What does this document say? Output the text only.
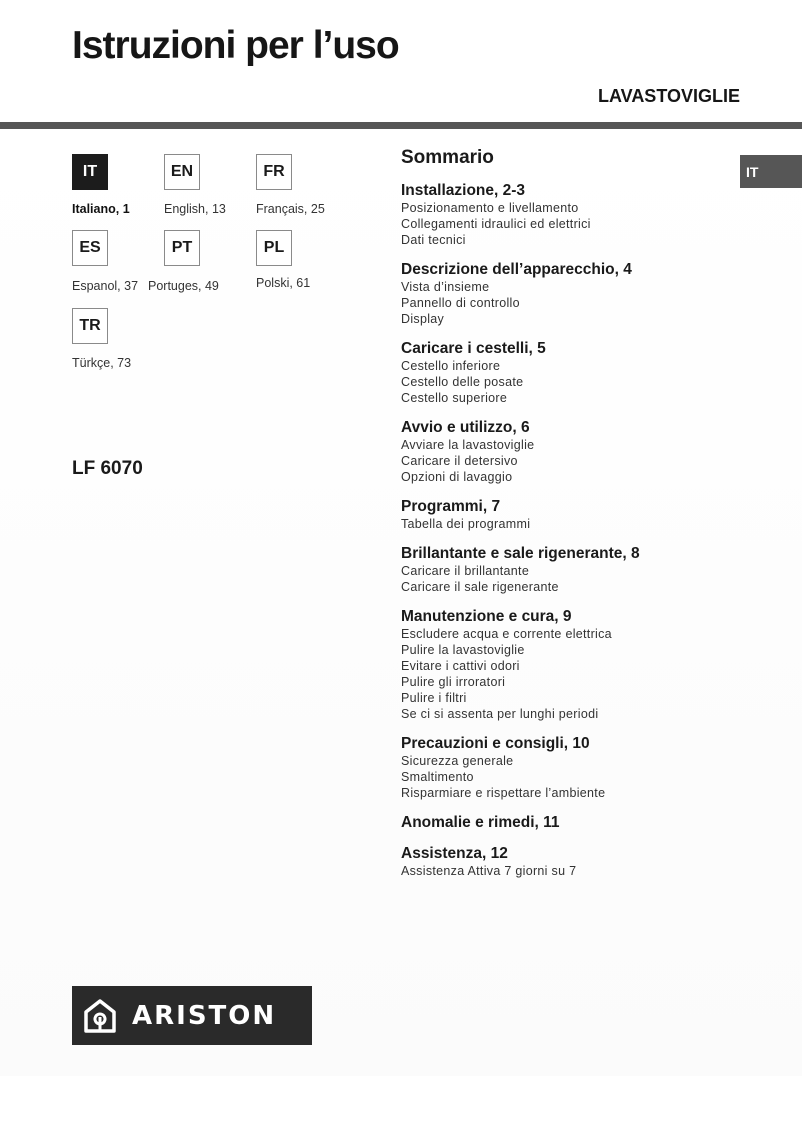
Istruzioni per l’uso
LAVASTOVIGLIE
IT
Italiano, 1
EN
English, 13
FR
Français, 25
ES
Espanol, 37
PT
Portuges, 49
PL
Polski, 61
TR
Türkçe, 73
LF 6070
IT
Sommario
Installazione, 2-3
Posizionamento e livellamento
Collegamenti idraulici ed elettrici
Dati tecnici
Descrizione dell’apparecchio, 4
Vista d’insieme
Pannello di controllo
Display
Caricare i cestelli, 5
Cestello inferiore
Cestello delle posate
Cestello superiore
Avvio e utilizzo, 6
Avviare la lavastoviglie
Caricare il detersivo
Opzioni di lavaggio
Programmi, 7
Tabella dei programmi
Brillantante e sale rigenerante, 8
Caricare il brillantante
Caricare il sale rigenerante
Manutenzione e cura, 9
Escludere acqua e corrente elettrica
Pulire la lavastoviglie
Evitare i cattivi odori
Pulire gli irroratori
Pulire i filtri
Se ci si assenta per lunghi periodi
Precauzioni e consigli, 10
Sicurezza generale
Smaltimento
Risparmiare e rispettare l’ambiente
Anomalie e rimedi, 11
Assistenza, 12
Assistenza Attiva 7 giorni su 7
ARISTON
